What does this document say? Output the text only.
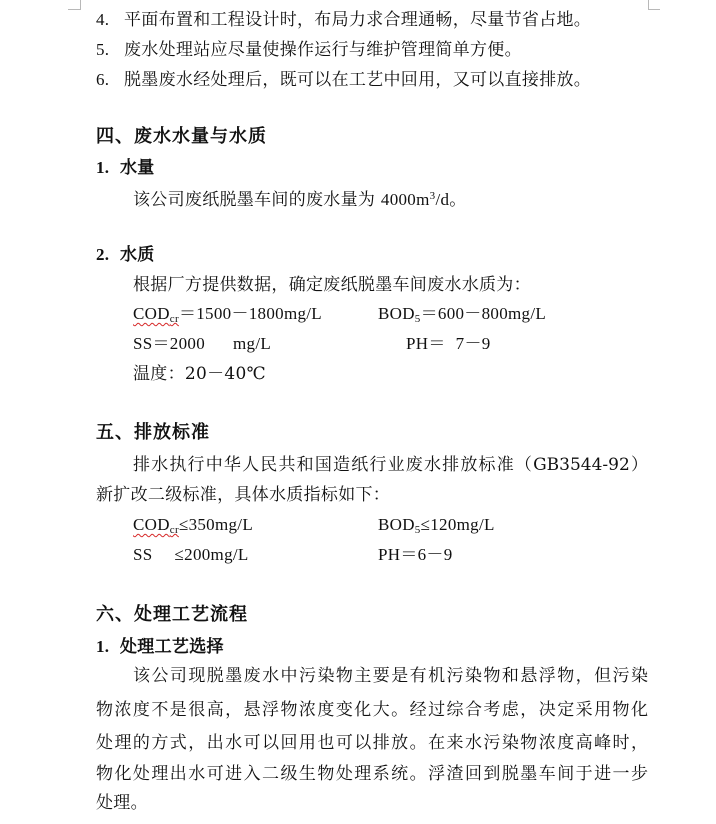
4. 平面布置和工程设计时，布局力求合理通畅，尽量节省占地。
5. 废水处理站应尽量使操作运行与维护管理简单方便。
6. 脱墨废水经处理后，既可以在工艺中回用，又可以直接排放。
四、废水水量与水质
1. 水量
该公司废纸脱墨车间的废水量为 $4000m^3/d$。
2. 水质
根据厂方提供数据，确定废纸脱墨车间废水水质为：
$COD_{cr}=1500-1800mg/L$	$BOD_5=600-800mg/L$
SS＝2000 mg/L	PH＝ 7－9
温度：20－40℃
五、排放标准
排水执行中华人民共和国造纸行业废水排放标准（GB3544-92）
新扩改二级标准，具体水质指标如下：
$COD_{cr}\le 350mg/L$	$BOD_5\le 120mg/L$
SS ≤200mg/L	PH＝6－9
六、处理工艺流程
1. 处理工艺选择
该公司现脱墨废水中污染物主要是有机污染物和悬浮物，但污染
物浓度不是很高，悬浮物浓度变化大。经过综合考虑，决定采用物化
处理的方式，出水可以回用也可以排放。在来水污染物浓度高峰时，
物化处理出水可进入二级生物处理系统。浮渣回到脱墨车间于进一步
处理。
